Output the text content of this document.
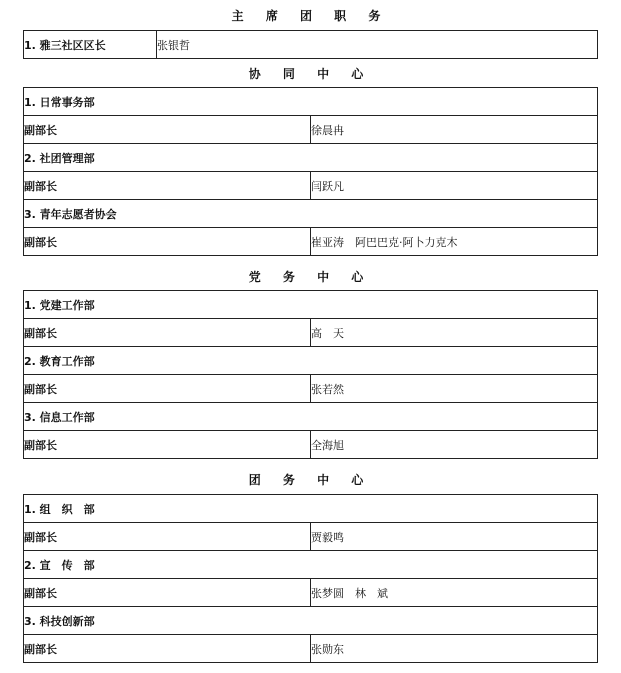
主 席 团 职 务
1. 雅三社区区长	张银哲
协 同 中 心
1. 日常事务部	
副部长	徐晨冉
2. 社团管理部	
副部长	闫跃凡
3. 青年志愿者协会	
副部长	崔亚涛　阿巴巴克·阿卜力克木
党 务 中 心
1. 党建工作部	
副部长	高　天
2. 教育工作部	
副部长	张若然
3. 信息工作部	
副部长	全海旭
团 务 中 心
1. 组　织　部	
副部长	贾毅鸣
2. 宣　传　部	
副部长	张梦圆　林　斌
3. 科技创新部	
副部长	张勋东
